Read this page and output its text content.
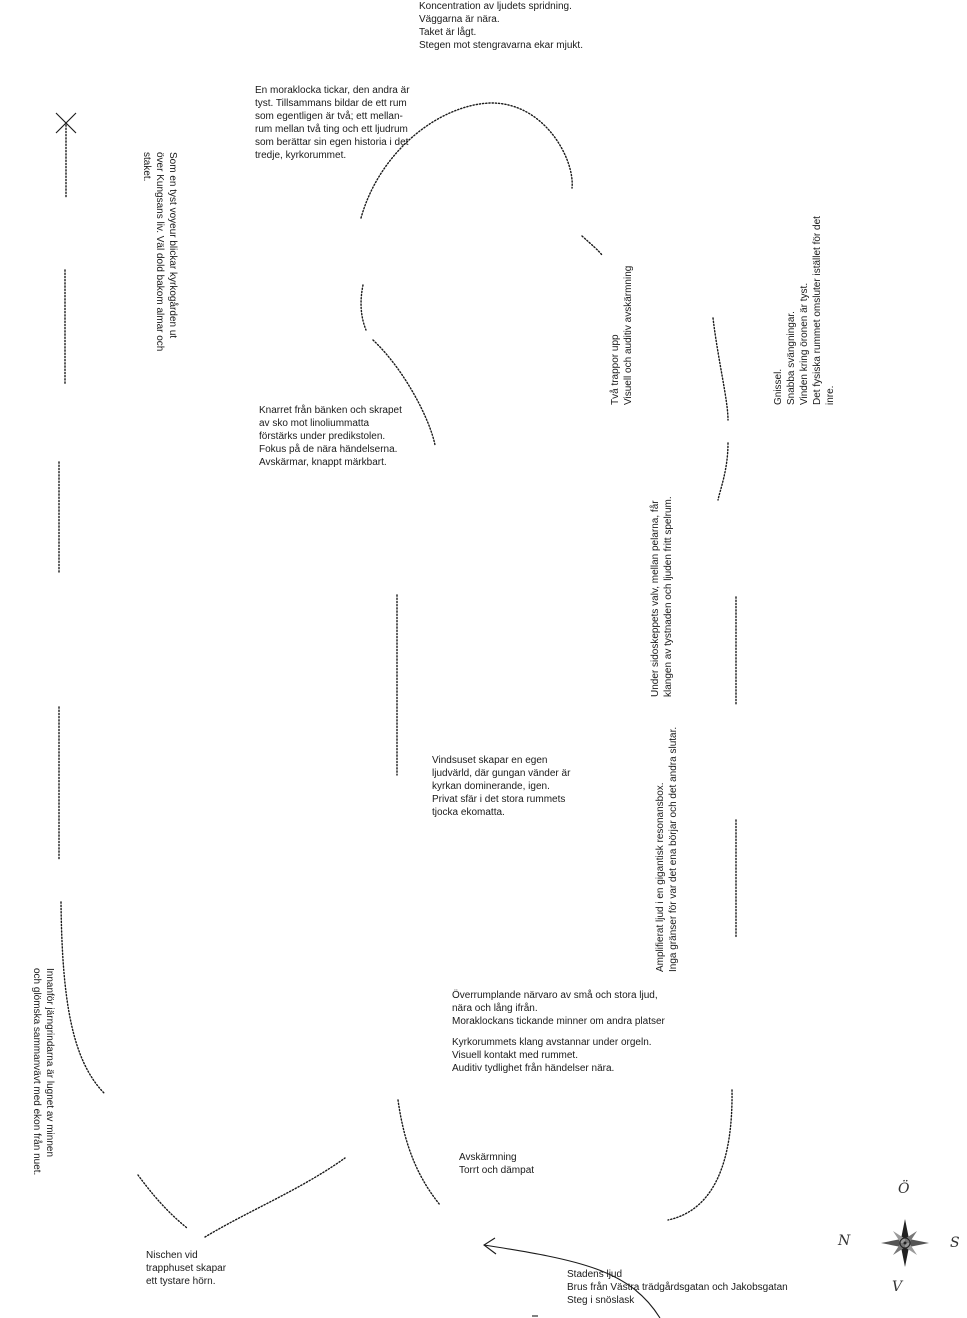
Koncentration av ljudets spridning.
Väggarna är nära.
Taket är lågt.
Stegen mot stengravarna ekar mjukt.
En moraklocka tickar, den andra är
tyst. Tillsammans bildar de ett rum
som egentligen är två; ett mellan-
rum mellan två ting och ett ljudrum
som berättar sin egen historia i det
tredje, kyrkorummet.
Knarret från bänken och skrapet
av sko mot linoliummatta
förstärks under predikstolen.
Fokus på de nära händelserna.
Avskärmar, knappt märkbart.
Vindsuset skapar en egen
ljudvärld, där gungan vänder är
kyrkan dominerande, igen.
Privat sfär i det stora rummets
tjocka ekomatta.
Överrumplande närvaro av små och stora ljud,
nära och lång ifrån.
Moraklockans tickande minner om andra platser
Kyrkorummets klang avstannar under orgeln.
Visuell kontakt med rummet.
Auditiv tydlighet från händelser nära.
Avskärmning
Torrt och dämpat
Nischen vid
trapphuset skapar
ett tystare hörn.
Stadens ljud
Brus från Västra trädgårdsgatan och Jakobsgatan
Steg i snöslask
Som en tyst voyeur blickar kyrkogården ut
över Kungsans liv. Väl dold bakom almar och
staket.
Innanför järngrindarna är lugnet av minnen
och glömska sammanvävt med ekon från nuet.
Två trappor upp
Visuell och auditiv avskärmning
Gnissel.
Snabba svängningar.
Vinden kring öronen är tyst.
Det fysiska rummet omsluter istället för det inre.
Under sidoskeppets valv, mellan pelarna, får
klangen av tystnaden och ljuden fritt spelrum.
Amplifierat ljud i en gigantisk resonansbox.
Inga gränser för var det ena börjar och det andra slutar.
Ö
S
V
N
